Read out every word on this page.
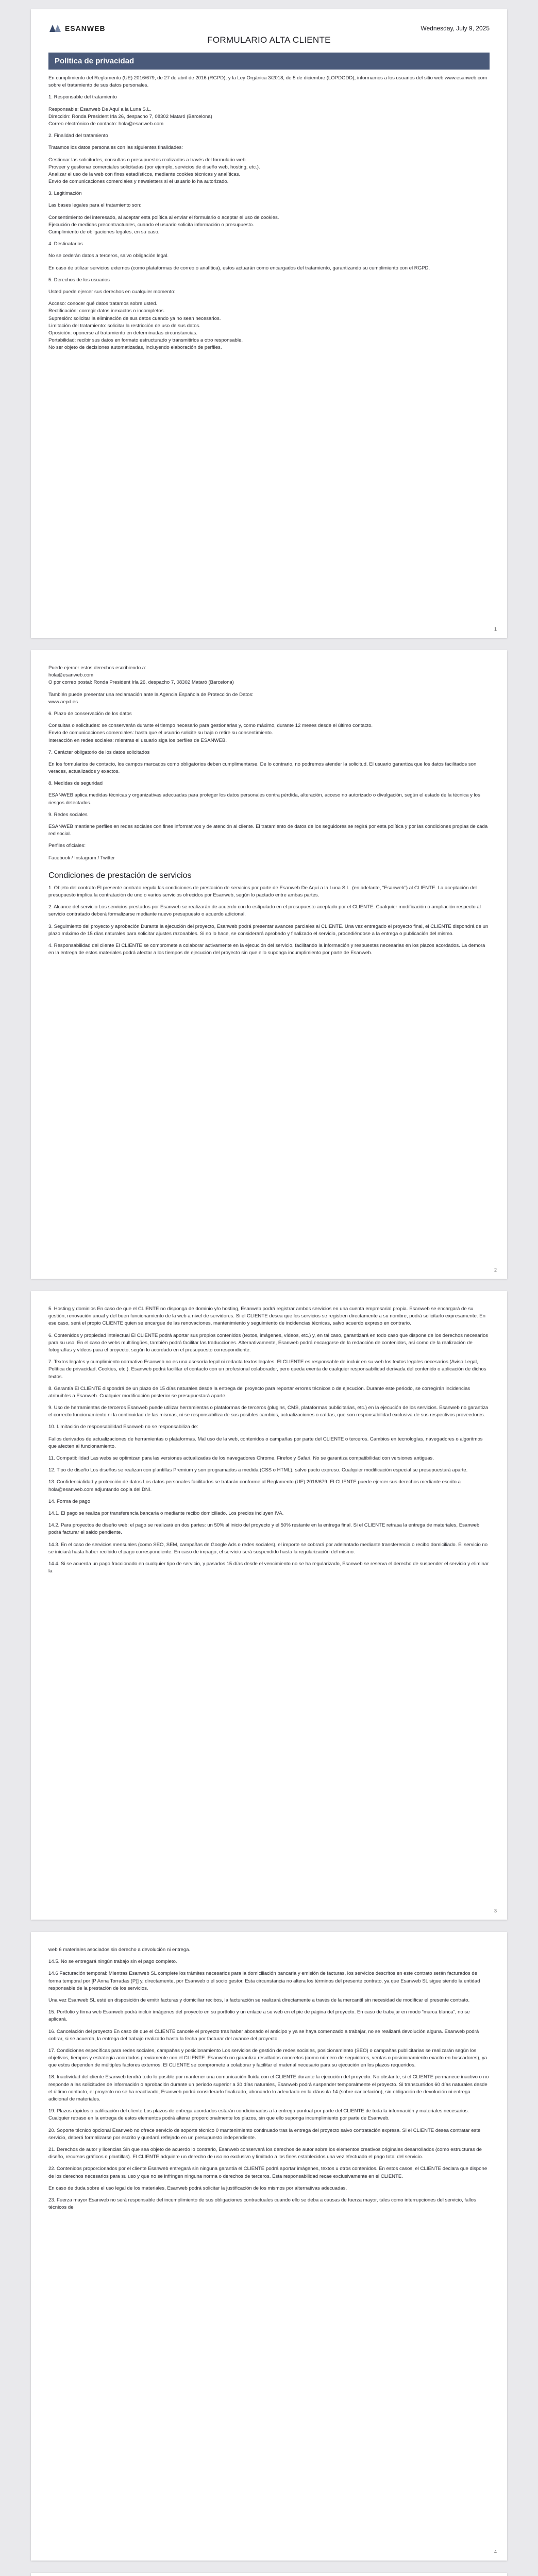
ESANWEB	Wednesday, July 9, 2025
FORMULARIO ALTA CLIENTE
Política de privacidad

En cumplimiento del Reglamento (UE) 2016/679, de 27 de abril de 2016 (RGPD), y la Ley Orgánica 3/2018, de 5 de diciembre (LOPDGDD), informamos a los usuarios del sitio web www.esanweb.com sobre el tratamiento de sus datos personales.

1. Responsable del tratamiento

Responsable: Esanweb De Aquí a la Luna S.L.
Dirección: Ronda President Irla 26, despacho 7, 08302 Mataró (Barcelona)
Correo electrónico de contacto: hola@esanweb.com

2. Finalidad del tratamiento

Tratamos los datos personales con las siguientes finalidades:

Gestionar las solicitudes, consultas o presupuestos realizados a través del formulario web.
Proveer y gestionar comerciales solicitadas (por ejemplo, servicios de diseño web, hosting, etc.).
Analizar el uso de la web con fines estadísticos, mediante cookies técnicas y analíticas.
Envío de comunicaciones comerciales y newsletters si el usuario lo ha autorizado.

3. Legitimación

Las bases legales para el tratamiento son:

Consentimiento del interesado, al aceptar esta política al enviar el formulario o aceptar el uso de cookies.
Ejecución de medidas precontractuales, cuando el usuario solicita información o presupuesto.
Cumplimiento de obligaciones legales, en su caso.

4. Destinatarios

No se cederán datos a terceros, salvo obligación legal.

En caso de utilizar servicios externos (como plataformas de correo o analítica), estos actuarán como encargados del tratamiento, garantizando su cumplimiento con el RGPD.

5. Derechos de los usuarios

Usted puede ejercer sus derechos en cualquier momento:

Acceso: conocer qué datos tratamos sobre usted.
Rectificación: corregir datos inexactos o incompletos.
Supresión: solicitar la eliminación de sus datos cuando ya no sean necesarios.
Limitación del tratamiento: solicitar la restricción de uso de sus datos.
Oposición: oponerse al tratamiento en determinadas circunstancias.
Portabilidad: recibir sus datos en formato estructurado y transmitirlos a otro responsable.
No ser objeto de decisiones automatizadas, incluyendo elaboración de perfiles.

1

Puede ejercer estos derechos escribiendo a:
hola@esanweb.com
O por correo postal: Ronda President Irla 26, despacho 7, 08302 Mataró (Barcelona)

También puede presentar una reclamación ante la Agencia Española de Protección de Datos:
www.aepd.es

6. Plazo de conservación de los datos

Consultas o solicitudes: se conservarán durante el tiempo necesario para gestionarlas y, como máximo, durante 12 meses desde el último contacto.
Envío de comunicaciones comerciales: hasta que el usuario solicite su baja o retire su consentimiento.
Interacción en redes sociales: mientras el usuario siga los perfiles de ESANWEB.

7. Carácter obligatorio de los datos solicitados

En los formularios de contacto, los campos marcados como obligatorios deben cumplimentarse. De lo contrario, no podremos atender la solicitud. El usuario garantiza que los datos facilitados son veraces, actualizados y exactos.

8. Medidas de seguridad

ESANWEB aplica medidas técnicas y organizativas adecuadas para proteger los datos personales contra pérdida, alteración, acceso no autorizado o divulgación, según el estado de la técnica y los riesgos detectados.

9. Redes sociales

ESANWEB mantiene perfiles en redes sociales con fines informativos y de atención al cliente. El tratamiento de datos de los seguidores se regirá por esta política y por las condiciones propias de cada red social.

Perfiles oficiales:

Facebook / Instagram / Twitter

Condiciones de prestación de servicios

1. Objeto del contrato El presente contrato regula las condiciones de prestación de servicios por parte de Esanweb De Aquí a la Luna S.L. (en adelante, “Esanweb”) al CLIENTE. La aceptación del presupuesto implica la contratación de uno o varios servicios ofrecidos por Esanweb, según lo pactado entre ambas partes.

2. Alcance del servicio Los servicios prestados por Esanweb se realizarán de acuerdo con lo estipulado en el presupuesto aceptado por el CLIENTE. Cualquier modificación o ampliación respecto al servicio contratado deberá formalizarse mediante nuevo presupuesto o acuerdo adicional.

3. Seguimiento del proyecto y aprobación Durante la ejecución del proyecto, Esanweb podrá presentar avances parciales al CLIENTE. Una vez entregado el proyecto final, el CLIENTE dispondrá de un plazo máximo de 15 días naturales para solicitar ajustes razonables. Si no lo hace, se considerará aprobado y finalizado el servicio, procediéndose a la entrega o publicación del mismo.

4. Responsabilidad del cliente El CLIENTE se compromete a colaborar activamente en la ejecución del servicio, facilitando la información y respuestas necesarias en los plazos acordados. La demora en la entrega de estos materiales podrá afectar a los tiempos de ejecución del proyecto sin que ello suponga incumplimiento por parte de Esanweb.

2

5. Hosting y dominios En caso de que el CLIENTE no disponga de dominio y/o hosting, Esanweb podrá registrar ambos servicios en una cuenta empresarial propia. Esanweb se encargará de su gestión, renovación anual y del buen funcionamiento de la web a nivel de servidores. Si el CLIENTE desea que los servicios se registren directamente a su nombre, podrá solicitarlo expresamente. En ese caso, será el propio CLIENTE quien se encargue de las renovaciones, mantenimiento y seguimiento de incidencias técnicas, salvo acuerdo expreso en contrario.

6. Contenidos y propiedad intelectual El CLIENTE podrá aportar sus propios contenidos (textos, imágenes, vídeos, etc.) y, en tal caso, garantizará en todo caso que dispone de los derechos necesarios para su uso. En el caso de webs multilingües, también podrá facilitar las traducciones. Alternativamente, Esanweb podrá encargarse de la redacción de contenidos, así como de la realización de fotografías y vídeos para el proyecto, según lo acordado en el presupuesto correspondiente.

7. Textos legales y cumplimiento normativo Esanweb no es una asesoría legal ni redacta textos legales. El CLIENTE es responsable de incluir en su web los textos legales necesarios (Aviso Legal, Política de privacidad, Cookies, etc.). Esanweb podrá facilitar el contacto con un profesional colaborador, pero queda exenta de cualquier responsabilidad derivada del contenido o aplicación de dichos textos.

8. Garantía El CLIENTE dispondrá de un plazo de 15 días naturales desde la entrega del proyecto para reportar errores técnicos o de ejecución. Durante este periodo, se corregirán incidencias atribuibles a Esanweb. Cualquier modificación posterior se presupuestará aparte.

9. Uso de herramientas de terceros Esanweb puede utilizar herramientas o plataformas de terceros (plugins, CMS, plataformas publicitarias, etc.) en la ejecución de los servicios. Esanweb no garantiza el correcto funcionamiento ni la continuidad de las mismas, ni se responsabiliza de sus posibles cambios, actualizaciones o caídas, que son responsabilidad exclusiva de sus respectivos proveedores.

10. Limitación de responsabilidad Esanweb no se responsabiliza de:

Fallos derivados de actualizaciones de herramientas o plataformas. Mal uso de la web, contenidos o campañas por parte del CLIENTE o terceros. Cambios en tecnologías, navegadores o algoritmos que afecten al funcionamiento.

11. Compatibilidad Las webs se optimizan para las versiones actualizadas de los navegadores Chrome, Firefox y Safari. No se garantiza compatibilidad con versiones antiguas.

12. Tipo de diseño Los diseños se realizan con plantillas Premium y son programados a medida (CSS o HTML), salvo pacto expreso. Cualquier modificación especial se presupuestará aparte.

13. Confidencialidad y protección de datos Los datos personales facilitados se tratarán conforme al Reglamento (UE) 2016/679. El CLIENTE puede ejercer sus derechos mediante escrito a hola@esanweb.com adjuntando copia del DNI.

14. Forma de pago

14.1. El pago se realiza por transferencia bancaria o mediante recibo domiciliado. Los precios incluyen IVA.

14.2. Para proyectos de diseño web: el pago se realizará en dos partes: un 50% al inicio del proyecto y el 50% restante en la entrega final. Si el CLIENTE retrasa la entrega de materiales, Esanweb podrá facturar el saldo pendiente.

14.3. En el caso de servicios mensuales (como SEO, SEM, campañas de Google Ads o redes sociales), el importe se cobrará por adelantado mediante transferencia o recibo domiciliado. El servicio no se iniciará hasta haber recibido el pago correspondiente. En caso de impago, el servicio será suspendido hasta la regularización del mismo.

14.4. Si se acuerda un pago fraccionado en cualquier tipo de servicio, y pasados 15 días desde el vencimiento no se ha regularizado, Esanweb se reserva el derecho de suspender el servicio y eliminar la

3

web 6 materiales asociados sin derecho a devolución ni entrega.

14.5. No se entregará ningún trabajo sin el pago completo.

14.6 Facturación temporal: Mientras Esanweb SL complete los trámites necesarios para la domiciliación bancaria y emisión de facturas, los servicios descritos en este contrato serán facturados de forma temporal por [P Anna Torradas (P)] y, directamente, por Esanweb o el socio gestor. Esta circunstancia no altera los términos del presente contrato, ya que Esanweb SL sigue siendo la entidad responsable de la prestación de los servicios.

Una vez Esanweb SL esté en disposición de emitir facturas y domiciliar recibos, la facturación se realizará directamente a través de la mercantil sin necesidad de modificar el presente contrato.

15. Portfolio y firma web Esanweb podrá incluir imágenes del proyecto en su portfolio y un enlace a su web en el pie de página del proyecto. En caso de trabajar en modo “marca blanca”, no se aplicará.

16. Cancelación del proyecto En caso de que el CLIENTE cancele el proyecto tras haber abonado el anticipo y ya se haya comenzado a trabajar, no se realizará devolución alguna. Esanweb podrá cobrar, si se acuerda, la entrega del trabajo realizado hasta la fecha por facturar del avance del proyecto.

17. Condiciones específicas para redes sociales, campañas y posicionamiento Los servicios de gestión de redes sociales, posicionamiento (SEO) o campañas publicitarias se realizarán según los objetivos, tiempos y estrategia acordados previamente con el CLIENTE. Esanweb no garantiza resultados concretos (como número de seguidores, ventas o posicionamiento exacto en buscadores), ya que estos dependen de múltiples factores externos. El CLIENTE se compromete a colaborar y facilitar el material necesario para su ejecución en los plazos requeridos.

18. Inactividad del cliente Esanweb tendrá todo lo posible por mantener una comunicación fluida con el CLIENTE durante la ejecución del proyecto. No obstante, si el CLIENTE permanece inactivo o no responde a las solicitudes de información o aprobación durante un periodo superior a 30 días naturales, Esanweb podrá suspender temporalmente el proyecto. Si transcurridos 60 días naturales desde el último contacto, el proyecto no se ha reactivado, Esanweb podrá considerarlo finalizado, abonando lo adeudado en la cláusula 14 (sobre cancelación), sin obligación de devolución ni entrega adicional de materiales.

19. Plazos rápidos o calificación del cliente Los plazos de entrega acordados estarán condicionados a la entrega puntual por parte del CLIENTE de toda la información y materiales necesarios. Cualquier retraso en la entrega de estos elementos podrá alterar proporcionalmente los plazos, sin que ello suponga incumplimiento por parte de Esanweb.

20. Soporte técnico opcional Esanweb no ofrece servicio de soporte técnico 0 mantenimiento continuado tras la entrega del proyecto salvo contratación expresa. Si el CLIENTE desea contratar este servicio, deberá formalizarse por escrito y quedará reflejado en un presupuesto independiente.

21. Derechos de autor y licencias Sin que sea objeto de acuerdo lo contrario, Esanweb conservará los derechos de autor sobre los elementos creativos originales desarrollados (como estructuras de diseño, recursos gráficos o plantillas). El CLIENTE adquiere un derecho de uso no exclusivo y limitado a los fines establecidos una vez efectuado el pago total del servicio.

22. Contenidos proporcionados por el cliente Esanweb entregará sin ninguna garantía el CLIENTE podrá aportar imágenes, textos u otros contenidos. En estos casos, el CLIENTE declara que dispone de los derechos necesarios para su uso y que no se infringen ninguna norma o derechos de terceros. Esta responsabilidad recae exclusivamente en el CLIENTE.

En caso de duda sobre el uso legal de los materiales, Esanweb podrá solicitar la justificación de los mismos por alternativas adecuadas.

23. Fuerza mayor Esanweb no será responsable del incumplimiento de sus obligaciones contractuales cuando ello se deba a causas de fuerza mayor, tales como interrupciones del servicio, fallos técnicos de

4
